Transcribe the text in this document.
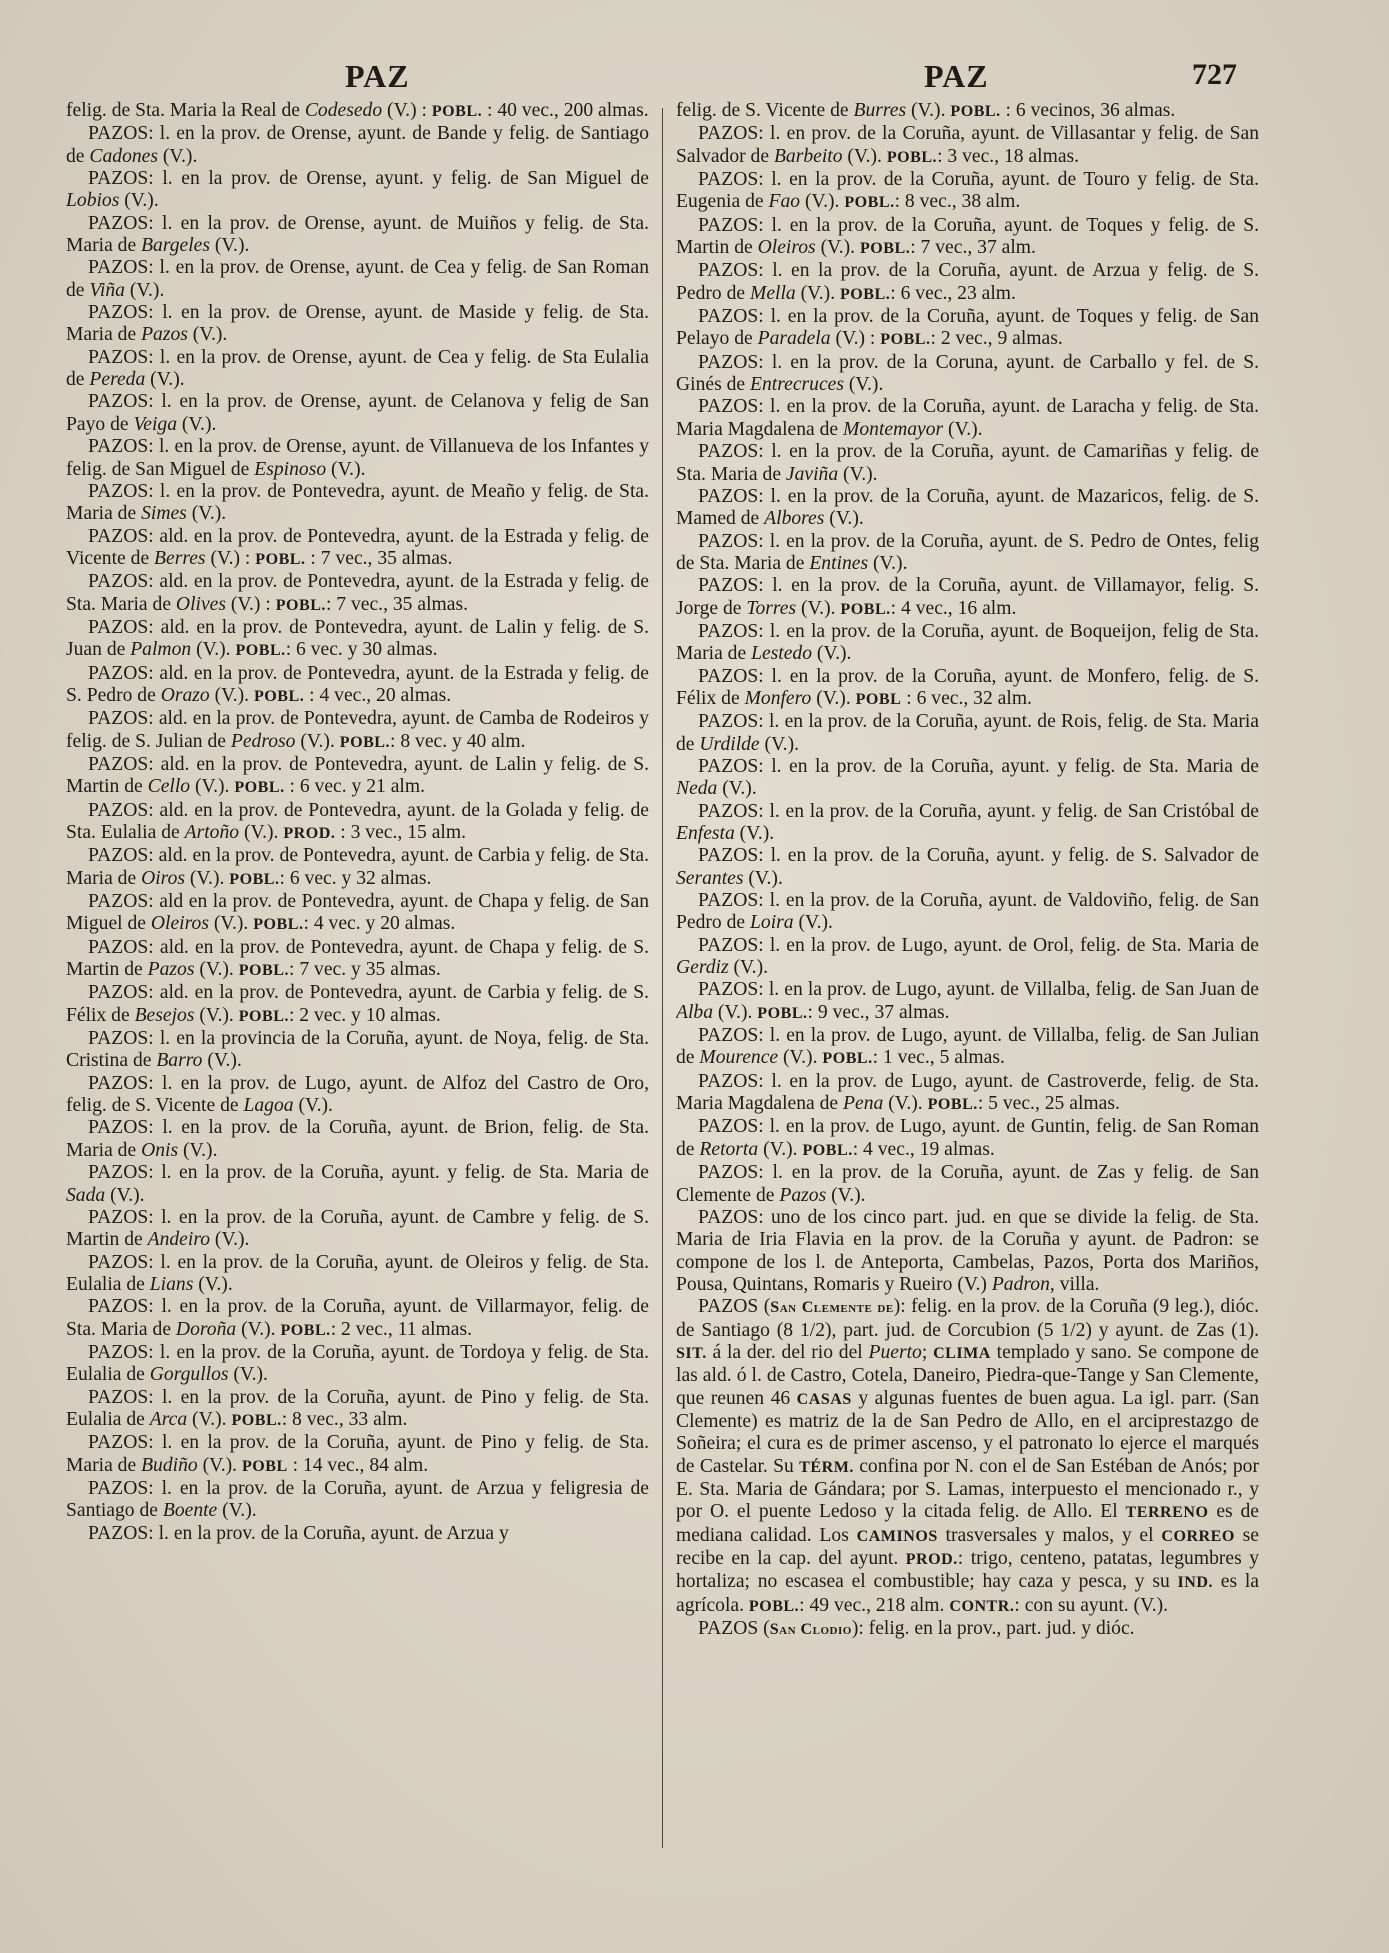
PAZ	PAZ	727

felig. de Sta. Maria la Real de Codesedo (V.) : POBL. : 40 vec., 200 almas.

PAZOS: l. en la prov. de Orense, ayunt. de Bande y felig. de Santiago de Cadones (V.).

PAZOS: l. en la prov. de Orense, ayunt. y felig. de San Miguel de Lobios (V.).

PAZOS: l. en la prov. de Orense, ayunt. de Muiños y felig. de Sta. Maria de Bargeles (V.).

PAZOS: l. en la prov. de Orense, ayunt. de Cea y felig. de San Roman de Viña (V.).

PAZOS: l. en la prov. de Orense, ayunt. de Maside y felig. de Sta. Maria de Pazos (V.).

PAZOS: l. en la prov. de Orense, ayunt. de Cea y felig. de Sta Eulalia de Pereda (V.).

PAZOS: l. en la prov. de Orense, ayunt. de Celanova y felig de San Payo de Veiga (V.).

PAZOS: l. en la prov. de Orense, ayunt. de Villanueva de los Infantes y felig. de San Miguel de Espinoso (V.).

PAZOS: l. en la prov. de Pontevedra, ayunt. de Meaño y felig. de Sta. Maria de Simes (V.).

PAZOS: ald. en la prov. de Pontevedra, ayunt. de la Estrada y felig. de Vicente de Berres (V.) : POBL. : 7 vec., 35 almas.

PAZOS: ald. en la prov. de Pontevedra, ayunt. de la Estrada y felig. de Sta. Maria de Olives (V.) : POBL.: 7 vec., 35 almas.

PAZOS: ald. en la prov. de Pontevedra, ayunt. de Lalin y felig. de S. Juan de Palmon (V.). POBL.: 6 vec. y 30 almas.

PAZOS: ald. en la prov. de Pontevedra, ayunt. de la Estrada y felig. de S. Pedro de Orazo (V.). POBL. : 4 vec., 20 almas.

PAZOS: ald. en la prov. de Pontevedra, ayunt. de Camba de Rodeiros y felig. de S. Julian de Pedroso (V.). POBL.: 8 vec. y 40 alm.

PAZOS: ald. en la prov. de Pontevedra, ayunt. de Lalin y felig. de S. Martin de Cello (V.). POBL. : 6 vec. y 21 alm.

PAZOS: ald. en la prov. de Pontevedra, ayunt. de la Golada y felig. de Sta. Eulalia de Artoño (V.). PROD. : 3 vec., 15 alm.

PAZOS: ald. en la prov. de Pontevedra, ayunt. de Carbia y felig. de Sta. Maria de Oiros (V.). POBL.: 6 vec. y 32 almas.

PAZOS: ald en la prov. de Pontevedra, ayunt. de Chapa y felig. de San Miguel de Oleiros (V.). POBL.: 4 vec. y 20 almas.

PAZOS: ald. en la prov. de Pontevedra, ayunt. de Chapa y felig. de S. Martin de Pazos (V.). POBL.: 7 vec. y 35 almas.

PAZOS: ald. en la prov. de Pontevedra, ayunt. de Carbia y felig. de S. Félix de Besejos (V.). POBL.: 2 vec. y 10 almas.

PAZOS: l. en la provincia de la Coruña, ayunt. de Noya, felig. de Sta. Cristina de Barro (V.).

PAZOS: l. en la prov. de Lugo, ayunt. de Alfoz del Castro de Oro, felig. de S. Vicente de Lagoa (V.).

PAZOS: l. en la prov. de la Coruña, ayunt. de Brion, felig. de Sta. Maria de Onis (V.).

PAZOS: l. en la prov. de la Coruña, ayunt. y felig. de Sta. Maria de Sada (V.).

PAZOS: l. en la prov. de la Coruña, ayunt. de Cambre y felig. de S. Martin de Andeiro (V.).

PAZOS: l. en la prov. de la Coruña, ayunt. de Oleiros y felig. de Sta. Eulalia de Lians (V.).

PAZOS: l. en la prov. de la Coruña, ayunt. de Villarmayor, felig. de Sta. Maria de Doroña (V.). POBL.: 2 vec., 11 almas.

PAZOS: l. en la prov. de la Coruña, ayunt. de Tordoya y felig. de Sta. Eulalia de Gorgullos (V.).

PAZOS: l. en la prov. de la Coruña, ayunt. de Pino y felig. de Sta. Eulalia de Arca (V.). POBL.: 8 vec., 33 alm.

PAZOS: l. en la prov. de la Coruña, ayunt. de Pino y felig. de Sta. Maria de Budiño (V.). POBL : 14 vec., 84 alm.

PAZOS: l. en la prov. de la Coruña, ayunt. de Arzua y feligresia de Santiago de Boente (V.).

PAZOS: l. en la prov. de la Coruña, ayunt. de Arzua y

felig. de S. Vicente de Burres (V.). POBL. : 6 vecinos, 36 almas.

PAZOS: l. en prov. de la Coruña, ayunt. de Villasantar y felig. de San Salvador de Barbeito (V.). POBL.: 3 vec., 18 almas.

PAZOS: l. en la prov. de la Coruña, ayunt. de Touro y felig. de Sta. Eugenia de Fao (V.). POBL.: 8 vec., 38 alm.

PAZOS: l. en la prov. de la Coruña, ayunt. de Toques y felig. de S. Martin de Oleiros (V.). POBL.: 7 vec., 37 alm.

PAZOS: l. en la prov. de la Coruña, ayunt. de Arzua y felig. de S. Pedro de Mella (V.). POBL.: 6 vec., 23 alm.

PAZOS: l. en la prov. de la Coruña, ayunt. de Toques y felig. de San Pelayo de Paradela (V.) : POBL.: 2 vec., 9 almas.

PAZOS: l. en la prov. de la Coruna, ayunt. de Carballo y fel. de S. Ginés de Entrecruces (V.).

PAZOS: l. en la prov. de la Coruña, ayunt. de Laracha y felig. de Sta. Maria Magdalena de Montemayor (V.).

PAZOS: l. en la prov. de la Coruña, ayunt. de Camariñas y felig. de Sta. Maria de Javiña (V.).

PAZOS: l. en la prov. de la Coruña, ayunt. de Mazaricos, felig. de S. Mamed de Albores (V.).

PAZOS: l. en la prov. de la Coruña, ayunt. de S. Pedro de Ontes, felig de Sta. Maria de Entines (V.).

PAZOS: l. en la prov. de la Coruña, ayunt. de Villamayor, felig. S. Jorge de Torres (V.). POBL.: 4 vec., 16 alm.

PAZOS: l. en la prov. de la Coruña, ayunt. de Boqueijon, felig de Sta. Maria de Lestedo (V.).

PAZOS: l. en la prov. de la Coruña, ayunt. de Monfero, felig. de S. Félix de Monfero (V.). POBL : 6 vec., 32 alm.

PAZOS: l. en la prov. de la Coruña, ayunt. de Rois, felig. de Sta. Maria de Urdilde (V.).

PAZOS: l. en la prov. de la Coruña, ayunt. y felig. de Sta. Maria de Neda (V.).

PAZOS: l. en la prov. de la Coruña, ayunt. y felig. de San Cristóbal de Enfesta (V.).

PAZOS: l. en la prov. de la Coruña, ayunt. y felig. de S. Salvador de Serantes (V.).

PAZOS: l. en la prov. de la Coruña, ayunt. de Valdoviño, felig. de San Pedro de Loira (V.).

PAZOS: l. en la prov. de Lugo, ayunt. de Orol, felig. de Sta. Maria de Gerdiz (V.).

PAZOS: l. en la prov. de Lugo, ayunt. de Villalba, felig. de San Juan de Alba (V.). POBL.: 9 vec., 37 almas.

PAZOS: l. en la prov. de Lugo, ayunt. de Villalba, felig. de San Julian de Mourence (V.). POBL.: 1 vec., 5 almas.

PAZOS: l. en la prov. de Lugo, ayunt. de Castroverde, felig. de Sta. Maria Magdalena de Pena (V.). POBL.: 5 vec., 25 almas.

PAZOS: l. en la prov. de Lugo, ayunt. de Guntin, felig. de San Roman de Retorta (V.). POBL.: 4 vec., 19 almas.

PAZOS: l. en la prov. de la Coruña, ayunt. de Zas y felig. de San Clemente de Pazos (V.).

PAZOS: uno de los cinco part. jud. en que se divide la felig. de Sta. Maria de Iria Flavia en la prov. de la Coruña y ayunt. de Padron: se compone de los l. de Anteporta, Cambelas, Pazos, Porta dos Mariños, Pousa, Quintans, Romaris y Rueiro (V.) Padron, villa.

PAZOS (San Clemente de): felig. en la prov. de la Coruña (9 leg.), dióc. de Santiago (8 1/2), part. jud. de Corcubion (5 1/2) y ayunt. de Zas (1). SIT. á la der. del rio del Puerto; CLIMA templado y sano. Se compone de las ald. ó l. de Castro, Cotela, Daneiro, Piedra-que-Tange y San Clemente, que reunen 46 CASAS y algunas fuentes de buen agua. La igl. parr. (San Clemente) es matriz de la de San Pedro de Allo, en el arciprestazgo de Soñeira; el cura es de primer ascenso, y el patronato lo ejerce el marqués de Castelar. Su TÉRM. confina por N. con el de San Estéban de Anós; por E. Sta. Maria de Gándara; por S. Lamas, interpuesto el mencionado r., y por O. el puente Ledoso y la citada felig. de Allo. El TERRENO es de mediana calidad. Los CAMINOS trasversales y malos, y el CORREO se recibe en la cap. del ayunt. PROD.: trigo, centeno, patatas, legumbres y hortaliza; no escasea el combustible; hay caza y pesca, y su IND. es la agrícola. POBL.: 49 vec., 218 alm. CONTR.: con su ayunt. (V.).

PAZOS (San Clodio): felig. en la prov., part. jud. y dióc.
